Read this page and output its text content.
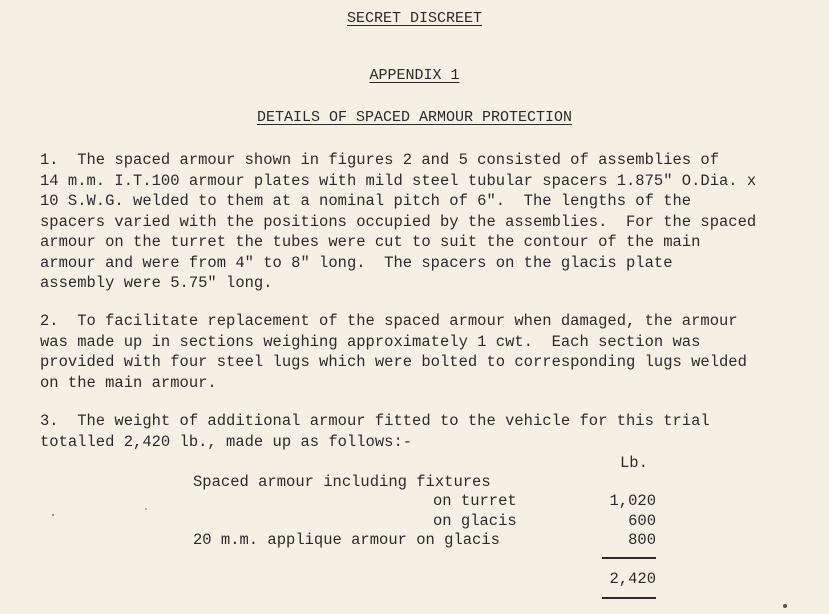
SECRET DISCREET
APPENDIX 1
DETAILS OF SPACED ARMOUR PROTECTION
1.  The spaced armour shown in figures 2 and 5 consisted of assemblies of
14 m.m. I.T.100 armour plates with mild steel tubular spacers 1.875" O.Dia. x
10 S.W.G. welded to them at a nominal pitch of 6".  The lengths of the
spacers varied with the positions occupied by the assemblies.  For the spaced
armour on the turret the tubes were cut to suit the contour of the main
armour and were from 4" to 8" long.  The spacers on the glacis plate
assembly were 5.75" long.
2.  To facilitate replacement of the spaced armour when damaged, the armour
was made up in sections weighing approximately 1 cwt.  Each section was
provided with four steel lugs which were bolted to corresponding lugs welded
on the main armour.
3.  The weight of additional armour fitted to the vehicle for this trial
totalled 2,420 lb., made up as follows:-
Lb.
Spaced armour including fixtures
on turret	1,020
on glacis	600
20 m.m. applique armour on glacis	800
2,420
